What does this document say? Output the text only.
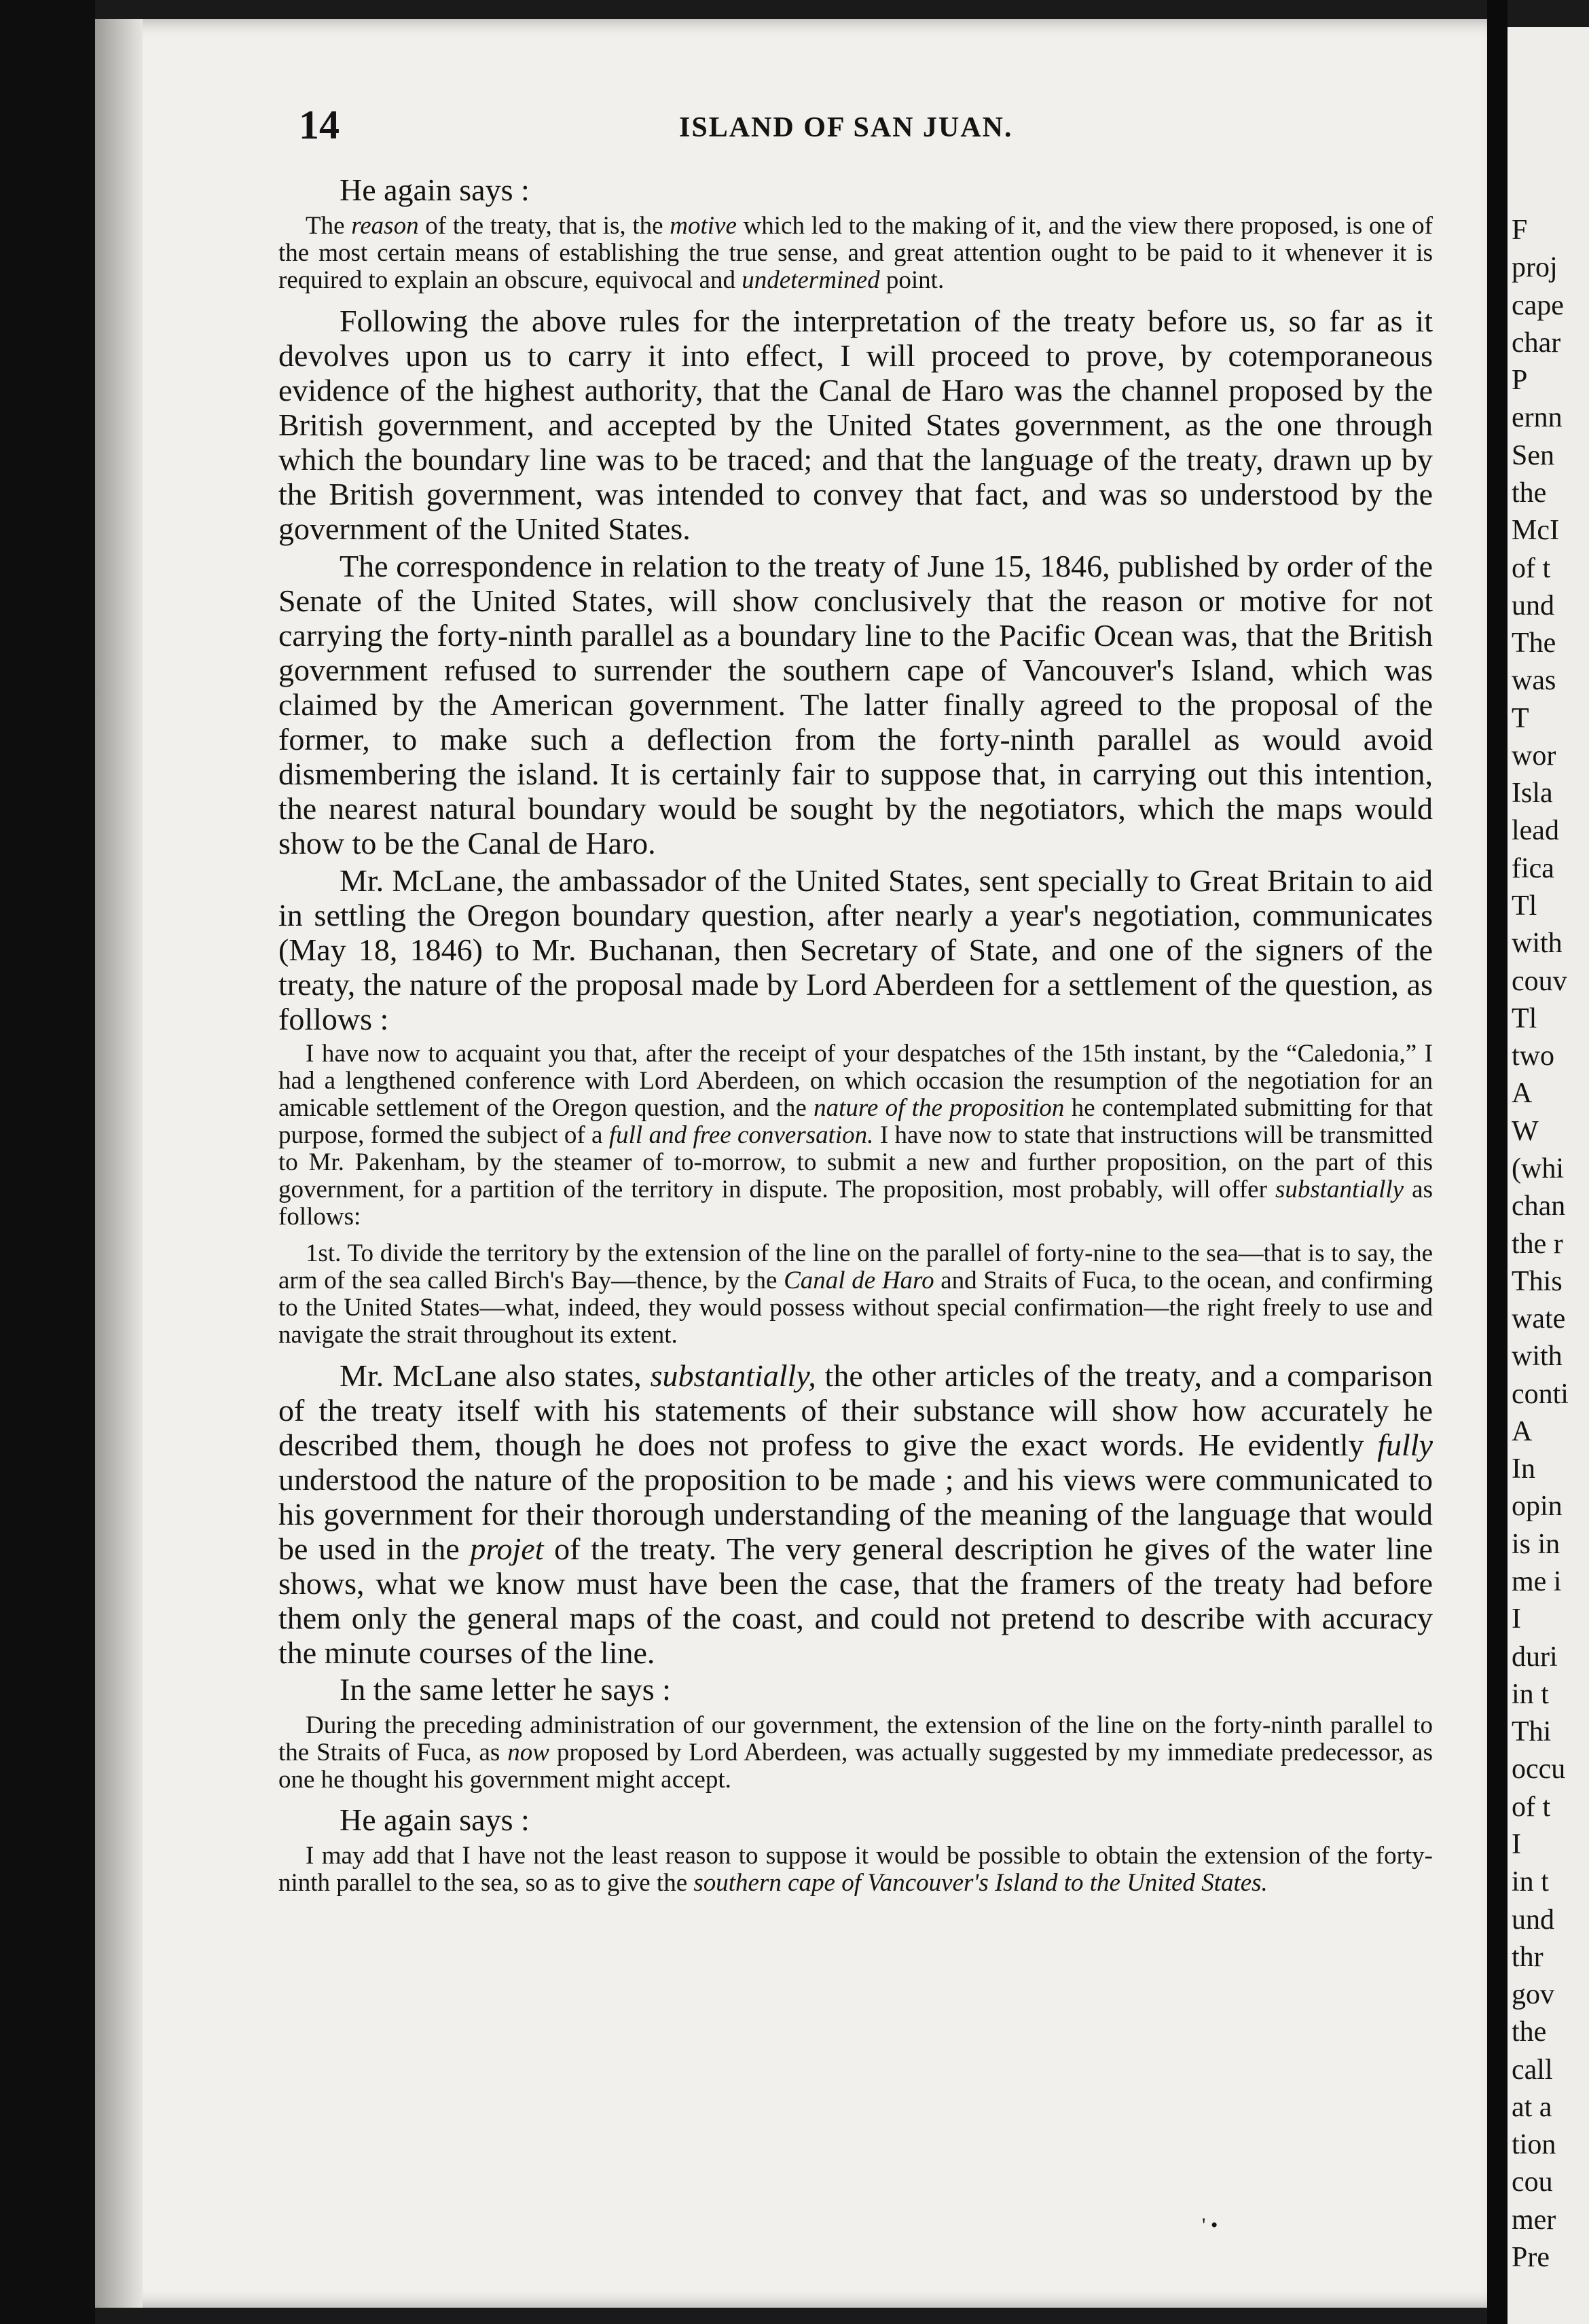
14	ISLAND OF SAN JUAN.
He again says :

The reason of the treaty, that is, the motive which led to the making of it, and the view there proposed, is one of the most certain means of establishing the true sense, and great attention ought to be paid to it whenever it is required to explain an obscure, equivocal and undetermined point.

Following the above rules for the interpretation of the treaty before us, so far as it devolves upon us to carry it into effect, I will proceed to prove, by cotemporaneous evidence of the highest authority, that the Canal de Haro was the channel proposed by the British government, and accepted by the United States government, as the one through which the boundary line was to be traced; and that the language of the treaty, drawn up by the British government, was intended to convey that fact, and was so understood by the government of the United States.

The correspondence in relation to the treaty of June 15, 1846, published by order of the Senate of the United States, will show conclusively that the reason or motive for not carrying the forty-ninth parallel as a boundary line to the Pacific Ocean was, that the British government refused to surrender the southern cape of Vancouver's Island, which was claimed by the American government. The latter finally agreed to the proposal of the former, to make such a deflection from the forty-ninth parallel as would avoid dismembering the island. It is certainly fair to suppose that, in carrying out this intention, the nearest natural boundary would be sought by the negotiators, which the maps would show to be the Canal de Haro.

Mr. McLane, the ambassador of the United States, sent specially to Great Britain to aid in settling the Oregon boundary question, after nearly a year's negotiation, communicates (May 18, 1846) to Mr. Buchanan, then Secretary of State, and one of the signers of the treaty, the nature of the proposal made by Lord Aberdeen for a settlement of the question, as follows :

I have now to acquaint you that, after the receipt of your despatches of the 15th instant, by the “Caledonia,” I had a lengthened conference with Lord Aberdeen, on which occasion the resumption of the negotiation for an amicable settlement of the Oregon question, and the nature of the proposition he contemplated submitting for that purpose, formed the subject of a full and free conversation. I have now to state that instructions will be transmitted to Mr. Pakenham, by the steamer of to-morrow, to submit a new and further proposition, on the part of this government, for a partition of the territory in dispute. The proposition, most probably, will offer substantially as follows:

1st. To divide the territory by the extension of the line on the parallel of forty-nine to the sea—that is to say, the arm of the sea called Birch's Bay—thence, by the Canal de Haro and Straits of Fuca, to the ocean, and confirming to the United States—what, indeed, they would possess without special confirmation—the right freely to use and navigate the strait throughout its extent.

Mr. McLane also states, substantially, the other articles of the treaty, and a comparison of the treaty itself with his statements of their substance will show how accurately he described them, though he does not profess to give the exact words. He evidently fully understood the nature of the proposition to be made ; and his views were communicated to his government for their thorough understanding of the meaning of the language that would be used in the projet of the treaty. The very general description he gives of the water line shows, what we know must have been the case, that the framers of the treaty had before them only the general maps of the coast, and could not pretend to describe with accuracy the minute courses of the line.

In the same letter he says :

During the preceding administration of our government, the extension of the line on the forty-ninth parallel to the Straits of Fuca, as now proposed by Lord Aberdeen, was actually suggested by my immediate predecessor, as one he thought his government might accept.

He again says :

I may add that I have not the least reason to suppose it would be possible to obtain the extension of the forty-ninth parallel to the sea, so as to give the southern cape of Vancouver's Island to the United States.

' •
F
proj
cape
char
P
ernn
Sen
the
McI
of t
und
The
was
T
wor
Isla
lead
fica
Tl
with
couv
Tl
two
A
W
(whi
chan
the r
This
wate
with
conti
A
In
opin
is in
me i
I
duri
in t
Thi
occu
of t
I
in t
und
thr
gov
the
call
at a
tion
cou
mer
Pre
